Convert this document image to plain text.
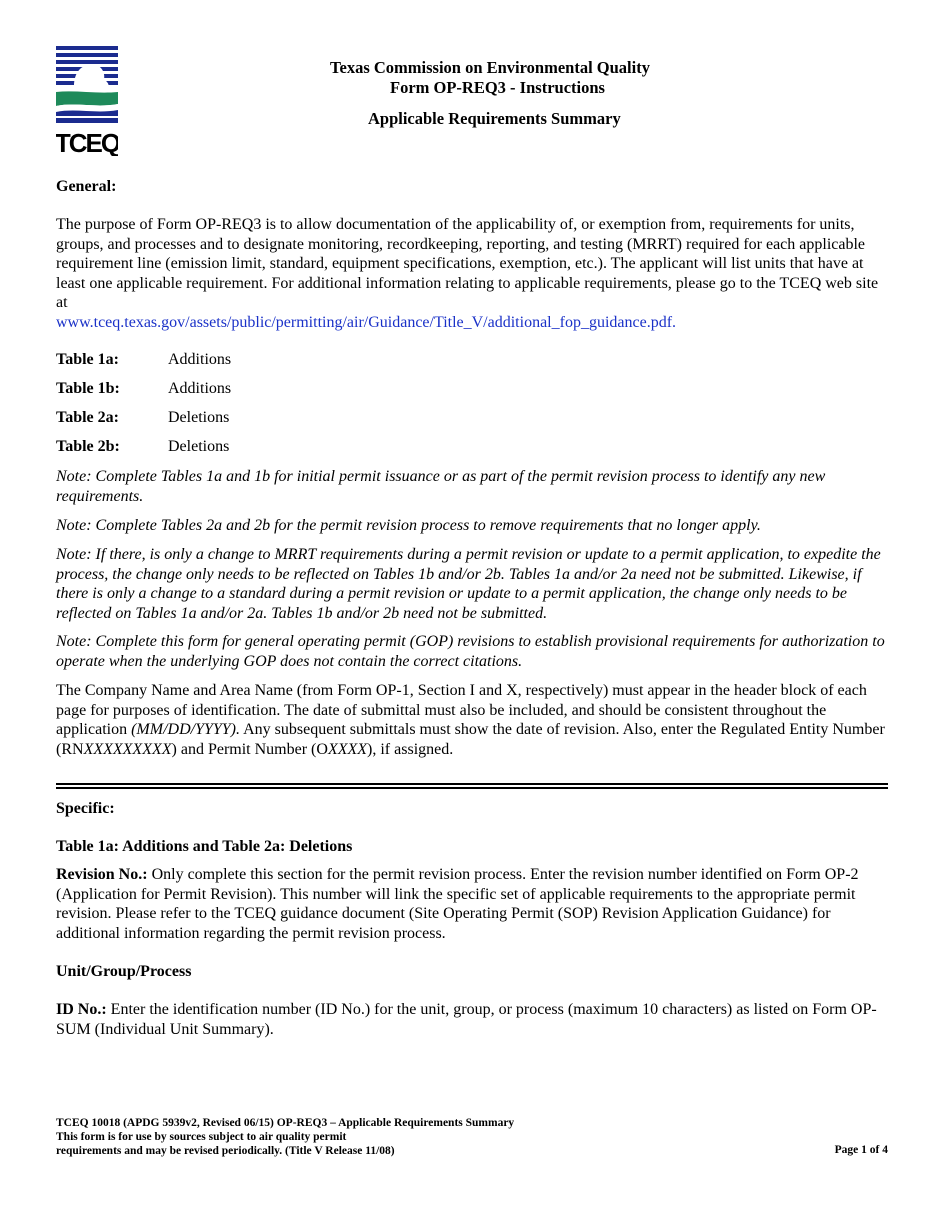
TCEQ
Texas Commission on Environmental Quality
Form OP-REQ3 - Instructions
Applicable Requirements Summary
General:
The purpose of Form OP-REQ3 is to allow documentation of the applicability of, or exemption from, requirements for units, groups, and processes and to designate monitoring, recordkeeping, reporting, and testing (MRRT) required for each applicable requirement line (emission limit, standard, equipment specifications, exemption, etc.). The applicant will list units that have at least one applicable requirement. For additional information relating to applicable requirements, please go to the TCEQ web site at
www.tceq.texas.gov/assets/public/permitting/air/Guidance/Title_V/additional_fop_guidance.pdf.
Table 1a:	Additions
Table 1b:	Additions
Table 2a:	Deletions
Table 2b:	Deletions
Note: Complete Tables 1a and 1b for initial permit issuance or as part of the permit revision process to identify any new requirements.
Note: Complete Tables 2a and 2b for the permit revision process to remove requirements that no longer apply.
Note: If there, is only a change to MRRT requirements during a permit revision or update to a permit application, to expedite the process, the change only needs to be reflected on Tables 1b and/or 2b. Tables 1a and/or 2a need not be submitted. Likewise, if there is only a change to a standard during a permit revision or update to a permit application, the change only needs to be reflected on Tables 1a and/or 2a. Tables 1b and/or 2b need not be submitted.
Note: Complete this form for general operating permit (GOP) revisions to establish provisional requirements for authorization to operate when the underlying GOP does not contain the correct citations.
The Company Name and Area Name (from Form OP-1, Section I and X, respectively) must appear in the header block of each page for purposes of identification. The date of submittal must also be included, and should be consistent throughout the application (MM/DD/YYYY). Any subsequent submittals must show the date of revision. Also, enter the Regulated Entity Number (RNXXXXXXXXX) and Permit Number (OXXXX), if assigned.
Specific:
Table 1a: Additions and Table 2a: Deletions
Revision No.: Only complete this section for the permit revision process. Enter the revision number identified on Form OP-2 (Application for Permit Revision). This number will link the specific set of applicable requirements to the appropriate permit revision. Please refer to the TCEQ guidance document (Site Operating Permit (SOP) Revision Application Guidance) for additional information regarding the permit revision process.
Unit/Group/Process
ID No.: Enter the identification number (ID No.) for the unit, group, or process (maximum 10 characters) as listed on Form OP-SUM (Individual Unit Summary).
TCEQ 10018 (APDG 5939v2, Revised 06/15) OP-REQ3 – Applicable Requirements Summary
This form is for use by sources subject to air quality permit
requirements and may be revised periodically. (Title V Release 11/08)	Page 1 of 4
